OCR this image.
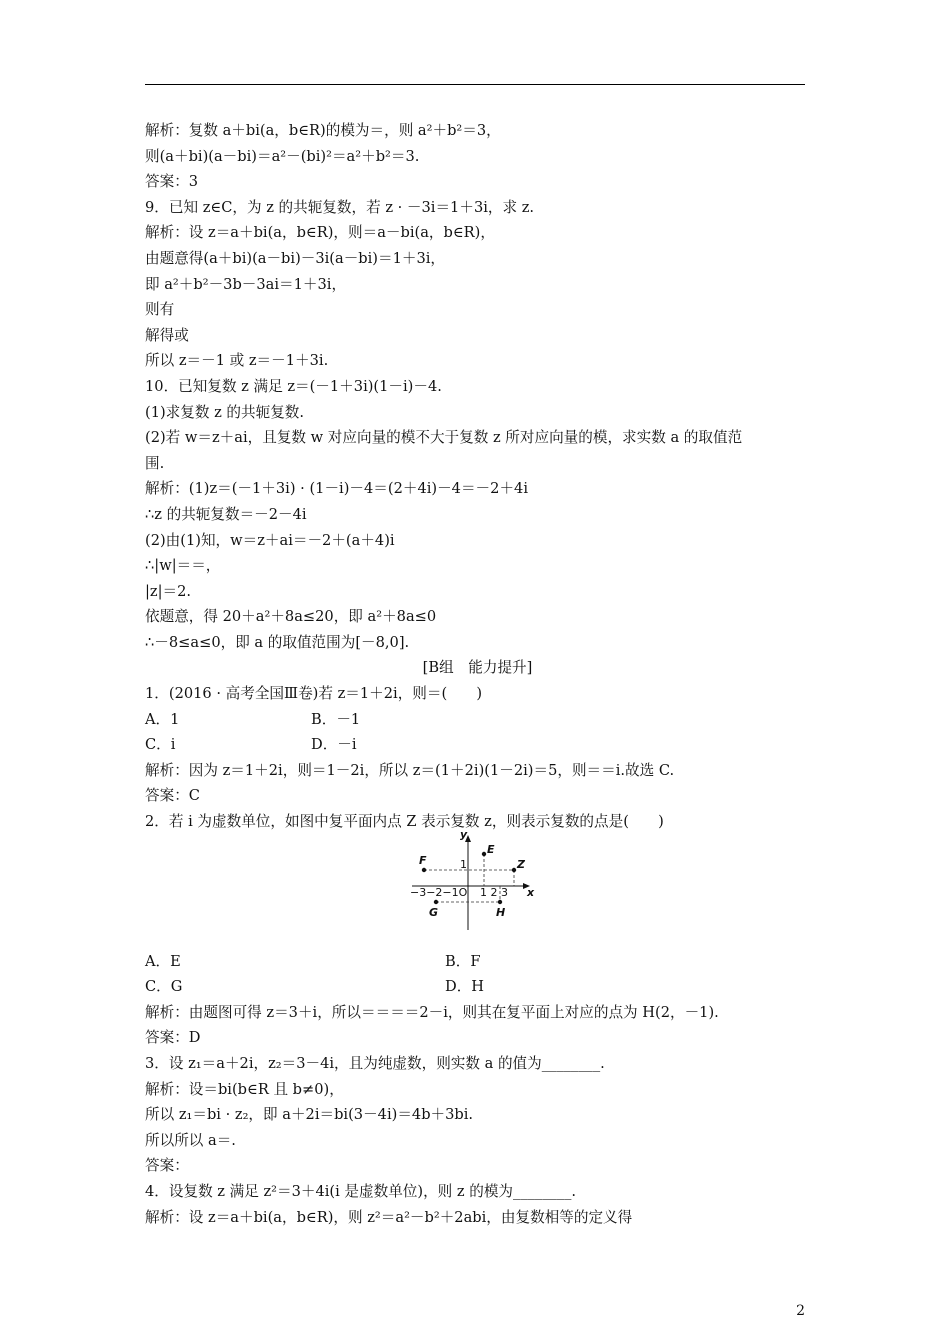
解析：复数 a＋bi(a，b∈R)的模为＝，则 a²＋b²＝3，
则(a＋bi)(a－bi)＝a²－(bi)²＝a²＋b²＝3.
答案：3
9．已知 z∈C，为 z 的共轭复数，若 z · －3i＝1＋3i，求 z.
解析：设 z＝a＋bi(a，b∈R)，则＝a－bi(a，b∈R)，
由题意得(a＋bi)(a－bi)－3i(a－bi)＝1＋3i，
即 a²＋b²－3b－3ai＝1＋3i，
则有
解得或
所以 z＝－1 或 z＝－1＋3i.
10．已知复数 z 满足 z＝(－1＋3i)(1－i)－4.
(1)求复数 z 的共轭复数.
(2)若 w＝z＋ai，且复数 w 对应向量的模不大于复数 z 所对应向量的模，求实数 a 的取值范
围.
解析：(1)z＝(－1＋3i) · (1－i)－4＝(2＋4i)－4＝－2＋4i
∴z 的共轭复数＝－2－4i
(2)由(1)知，w＝z＋ai＝－2＋(a＋4)i
∴|w|＝＝，
|z|＝2.
依题意，得 20＋a²＋8a≤20，即 a²＋8a≤0
∴－8≤a≤0，即 a 的取值范围为[－8,0].
[B组　能力提升]
1．(2016 · 高考全国Ⅲ卷)若 z＝1＋2i，则＝(　　)
A．1	B．－1
C．i	D．－i
解析：因为 z＝1＋2i，则＝1－2i，所以 z＝(1＋2i)(1－2i)＝5，则＝＝i.故选 C.
答案：C
2．若 i 为虚数单位，如图中复平面内点 Z 表示复数 z，则表示复数的点是(　　)
A．E	B．F
C．G	D．H
解析：由题图可得 z＝3＋i，所以＝＝＝＝2－i，则其在复平面上对应的点为 H(2，－1).
答案：D
3．设 z₁＝a＋2i，z₂＝3－4i，且为纯虚数，则实数 a 的值为________.
解析：设＝bi(b∈R 且 b≠0)，
所以 z₁＝bi · z₂，即 a＋2i＝bi(3－4i)＝4b＋3bi.
所以所以 a＝.
答案：
4．设复数 z 满足 z²＝3＋4i(i 是虚数单位)，则 z 的模为________.
解析：设 z＝a＋bi(a，b∈R)，则 z²＝a²－b²＋2abi，由复数相等的定义得
y
x
1
−3−2−1O 1 2 3
E
F	Z
G	H
2
